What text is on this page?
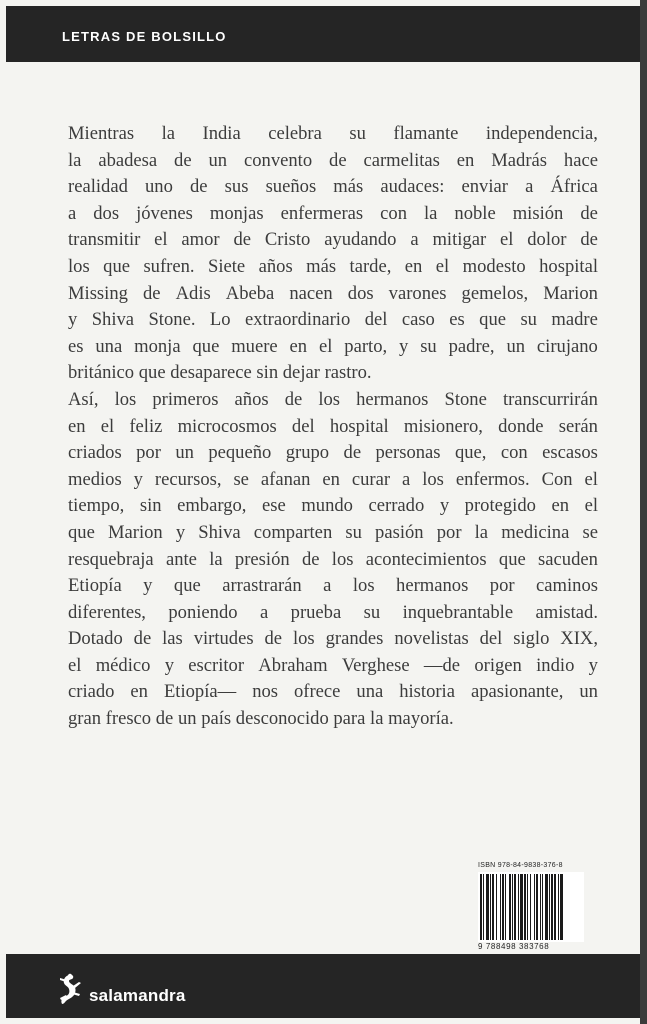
LETRAS DE BOLSILLO
Mientras la India celebra su flamante independencia,
la abadesa de un convento de carmelitas en Madrás hace
realidad uno de sus sueños más audaces: enviar a África
a dos jóvenes monjas enfermeras con la noble misión de
transmitir el amor de Cristo ayudando a mitigar el dolor de
los que sufren. Siete años más tarde, en el modesto hospital
Missing de Adis Abeba nacen dos varones gemelos, Marion
y Shiva Stone. Lo extraordinario del caso es que su madre
es una monja que muere en el parto, y su padre, un cirujano
británico que desaparece sin dejar rastro.
Así, los primeros años de los hermanos Stone transcurrirán
en el feliz microcosmos del hospital misionero, donde serán
criados por un pequeño grupo de personas que, con escasos
medios y recursos, se afanan en curar a los enfermos. Con el
tiempo, sin embargo, ese mundo cerrado y protegido en el
que Marion y Shiva comparten su pasión por la medicina se
resquebraja ante la presión de los acontecimientos que sacuden
Etiopía y que arrastrarán a los hermanos por caminos
diferentes, poniendo a prueba su inquebrantable amistad.
Dotado de las virtudes de los grandes novelistas del siglo XIX,
el médico y escritor Abraham Verghese —de origen indio y
criado en Etiopía— nos ofrece una historia apasionante, un
gran fresco de un país desconocido para la mayoría.
ISBN 978-84-9838-376-8
9 788498 383768
salamandra
